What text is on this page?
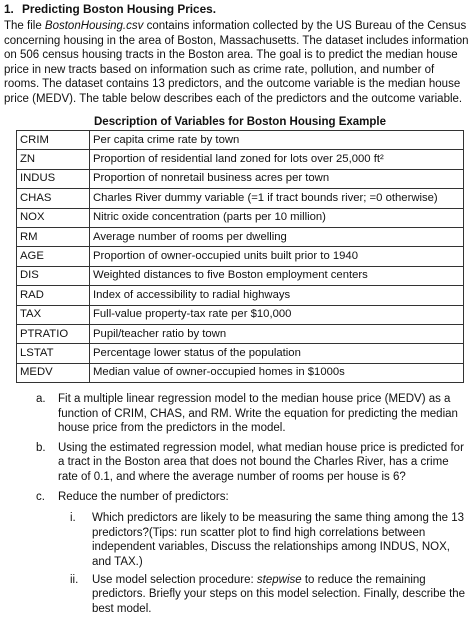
1. Predicting Boston Housing Prices.
The file BostonHousing.csv contains information collected by the US Bureau of the Census concerning housing in the area of Boston, Massachusetts. The dataset includes information on 506 census housing tracts in the Boston area. The goal is to predict the median house price in new tracts based on information such as crime rate, pollution, and number of rooms. The dataset contains 13 predictors, and the outcome variable is the median house price (MEDV). The table below describes each of the predictors and the outcome variable.
Description of Variables for Boston Housing Example
CRIM	Per capita crime rate by town
ZN	Proportion of residential land zoned for lots over 25,000 ft²
INDUS	Proportion of nonretail business acres per town
CHAS	Charles River dummy variable (=1 if tract bounds river; =0 otherwise)
NOX	Nitric oxide concentration (parts per 10 million)
RM	Average number of rooms per dwelling
AGE	Proportion of owner-occupied units built prior to 1940
DIS	Weighted distances to five Boston employment centers
RAD	Index of accessibility to radial highways
TAX	Full-value property-tax rate per $10,000
PTRATIO	Pupil/teacher ratio by town
LSTAT	Percentage lower status of the population
MEDV	Median value of owner-occupied homes in $1000s
a. Fit a multiple linear regression model to the median house price (MEDV) as a function of CRIM, CHAS, and RM. Write the equation for predicting the median house price from the predictors in the model.
b. Using the estimated regression model, what median house price is predicted for a tract in the Boston area that does not bound the Charles River, has a crime rate of 0.1, and where the average number of rooms per house is 6?
c. Reduce the number of predictors:
i. Which predictors are likely to be measuring the same thing among the 13 predictors?(Tips: run scatter plot to find high correlations between independent variables, Discuss the relationships among INDUS, NOX, and TAX.)
ii. Use model selection procedure: stepwise to reduce the remaining predictors. Briefly your steps on this model selection. Finally, describe the best model.
